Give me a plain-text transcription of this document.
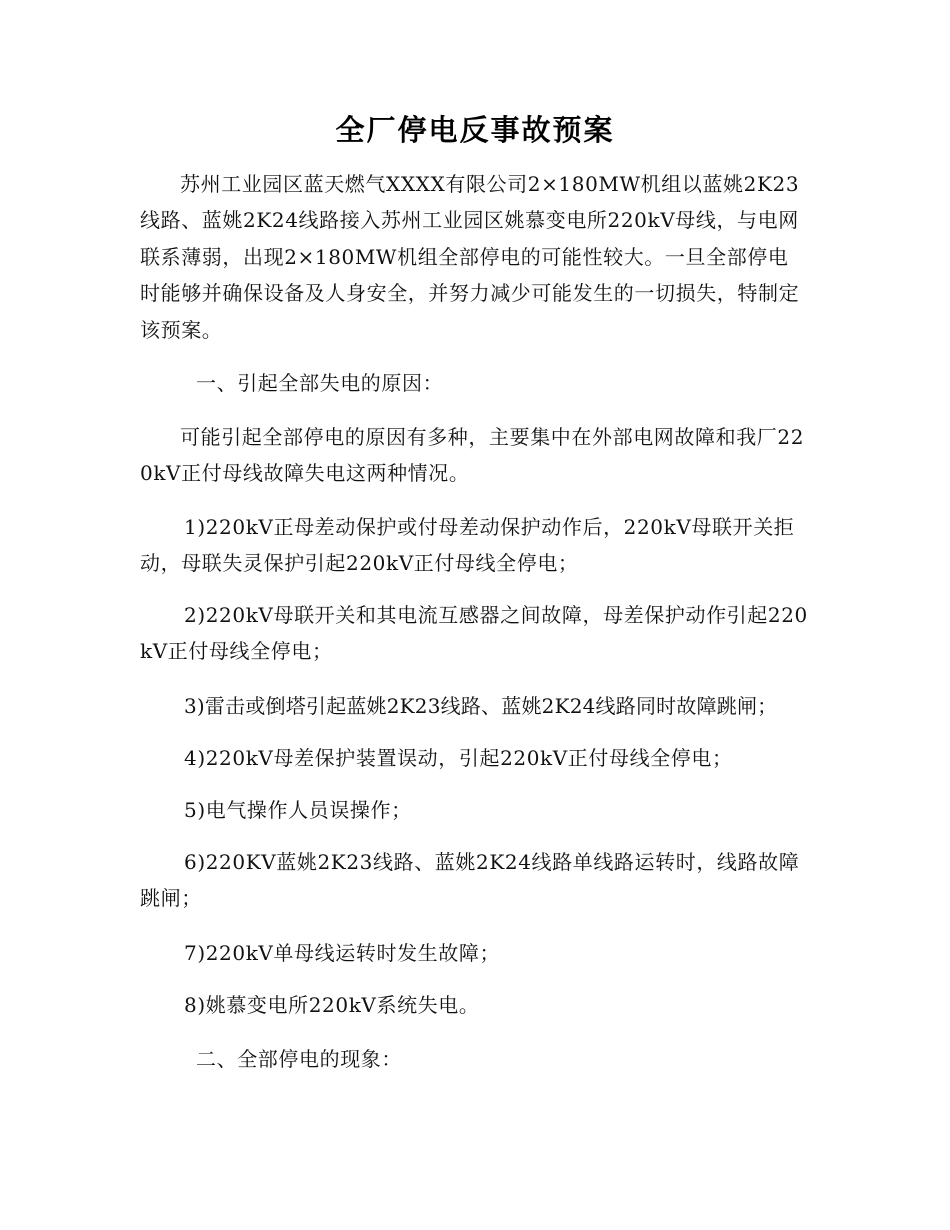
全厂停电反事故预案

苏州工业园区蓝天燃气XXXX有限公司2×180MW机组以蓝姚2K23线路、蓝姚2K24线路接入苏州工业园区姚慕变电所220kV母线，与电网联系薄弱，出现2×180MW机组全部停电的可能性较大。一旦全部停电时能够并确保设备及人身安全，并努力减少可能发生的一切损失，特制定该预案。

一、引起全部失电的原因：

可能引起全部停电的原因有多种，主要集中在外部电网故障和我厂220kV正付母线故障失电这两种情况。

1)220kV正母差动保护或付母差动保护动作后，220kV母联开关拒动，母联失灵保护引起220kV正付母线全停电；

2)220kV母联开关和其电流互感器之间故障，母差保护动作引起220kV正付母线全停电；

3)雷击或倒塔引起蓝姚2K23线路、蓝姚2K24线路同时故障跳闸；

4)220kV母差保护装置误动，引起220kV正付母线全停电；

5)电气操作人员误操作；

6)220KV蓝姚2K23线路、蓝姚2K24线路单线路运转时，线路故障跳闸；

7)220kV单母线运转时发生故障；

8)姚慕变电所220kV系统失电。

二、全部停电的现象：
